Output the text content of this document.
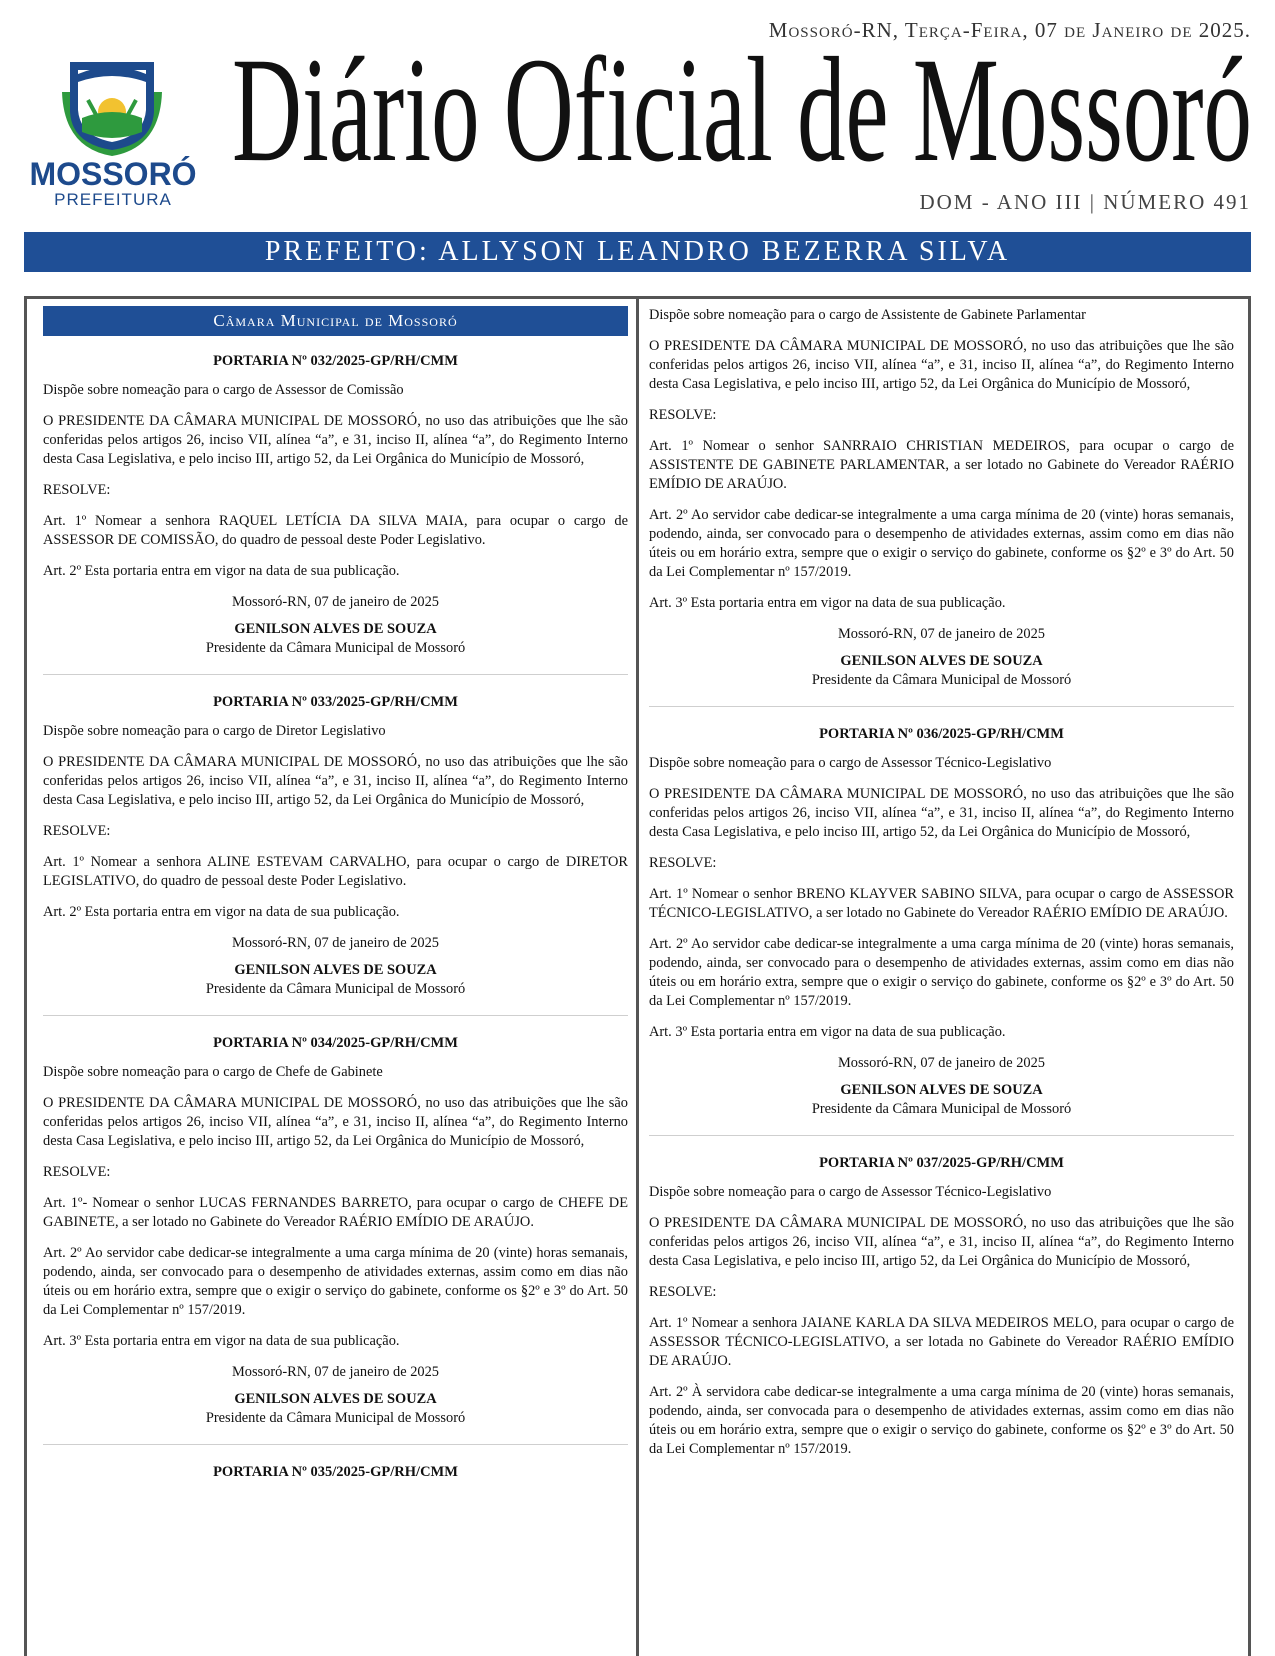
Mossoró-RN, Terça-Feira, 07 de Janeiro de 2025.
MOSSORÓ
PREFEITURA
Diário Oficial de Mossoró
DOM - ANO III | NÚMERO 491
PREFEITO: ALLYSON LEANDRO BEZERRA SILVA
Câmara Municipal de Mossoró

PORTARIA Nº 032/2025-GP/RH/CMM

Dispõe sobre nomeação para o cargo de Assessor de Comissão

O PRESIDENTE DA CÂMARA MUNICIPAL DE MOSSORÓ, no uso das atribuições que lhe são conferidas pelos artigos 26, inciso VII, alínea “a”, e 31, inciso II, alínea “a”, do Regimento Interno desta Casa Legislativa, e pelo inciso III, artigo 52, da Lei Orgânica do Município de Mossoró,

RESOLVE:

Art. 1º Nomear a senhora RAQUEL LETÍCIA DA SILVA MAIA, para ocupar o cargo de ASSESSOR DE COMISSÃO, do quadro de pessoal deste Poder Legislativo.

Art. 2º Esta portaria entra em vigor na data de sua publicação.

Mossoró-RN, 07 de janeiro de 2025

GENILSON ALVES DE SOUZA

Presidente da Câmara Municipal de Mossoró

PORTARIA Nº 033/2025-GP/RH/CMM

Dispõe sobre nomeação para o cargo de Diretor Legislativo

O PRESIDENTE DA CÂMARA MUNICIPAL DE MOSSORÓ, no uso das atribuições que lhe são conferidas pelos artigos 26, inciso VII, alínea “a”, e 31, inciso II, alínea “a”, do Regimento Interno desta Casa Legislativa, e pelo inciso III, artigo 52, da Lei Orgânica do Município de Mossoró,

RESOLVE:

Art. 1º Nomear a senhora ALINE ESTEVAM CARVALHO, para ocupar o cargo de DIRETOR LEGISLATIVO, do quadro de pessoal deste Poder Legislativo.

Art. 2º Esta portaria entra em vigor na data de sua publicação.

Mossoró-RN, 07 de janeiro de 2025

GENILSON ALVES DE SOUZA

Presidente da Câmara Municipal de Mossoró

PORTARIA Nº 034/2025-GP/RH/CMM

Dispõe sobre nomeação para o cargo de Chefe de Gabinete

O PRESIDENTE DA CÂMARA MUNICIPAL DE MOSSORÓ, no uso das atribuições que lhe são conferidas pelos artigos 26, inciso VII, alínea “a”, e 31, inciso II, alínea “a”, do Regimento Interno desta Casa Legislativa, e pelo inciso III, artigo 52, da Lei Orgânica do Município de Mossoró,

RESOLVE:

Art. 1º- Nomear o senhor LUCAS FERNANDES BARRETO, para ocupar o cargo de CHEFE DE GABINETE, a ser lotado no Gabinete do Vereador RAÉRIO EMÍDIO DE ARAÚJO.

Art. 2º Ao servidor cabe dedicar-se integralmente a uma carga mínima de 20 (vinte) horas semanais, podendo, ainda, ser convocado para o desempenho de atividades externas, assim como em dias não úteis ou em horário extra, sempre que o exigir o serviço do gabinete, conforme os §2º e 3º do Art. 50 da Lei Complementar nº 157/2019.

Art. 3º Esta portaria entra em vigor na data de sua publicação.

Mossoró-RN, 07 de janeiro de 2025

GENILSON ALVES DE SOUZA

Presidente da Câmara Municipal de Mossoró

PORTARIA Nº 035/2025-GP/RH/CMM

Dispõe sobre nomeação para o cargo de Assistente de Gabinete Parlamentar

O PRESIDENTE DA CÂMARA MUNICIPAL DE MOSSORÓ, no uso das atribuições que lhe são conferidas pelos artigos 26, inciso VII, alínea “a”, e 31, inciso II, alínea “a”, do Regimento Interno desta Casa Legislativa, e pelo inciso III, artigo 52, da Lei Orgânica do Município de Mossoró,

RESOLVE:

Art. 1º Nomear o senhor SANRRAIO CHRISTIAN MEDEIROS, para ocupar o cargo de ASSISTENTE DE GABINETE PARLAMENTAR, a ser lotado no Gabinete do Vereador RAÉRIO EMÍDIO DE ARAÚJO.

Art. 2º Ao servidor cabe dedicar-se integralmente a uma carga mínima de 20 (vinte) horas semanais, podendo, ainda, ser convocado para o desempenho de atividades externas, assim como em dias não úteis ou em horário extra, sempre que o exigir o serviço do gabinete, conforme os §2º e 3º do Art. 50 da Lei Complementar nº 157/2019.

Art. 3º Esta portaria entra em vigor na data de sua publicação.

Mossoró-RN, 07 de janeiro de 2025

GENILSON ALVES DE SOUZA

Presidente da Câmara Municipal de Mossoró

PORTARIA Nº 036/2025-GP/RH/CMM

Dispõe sobre nomeação para o cargo de Assessor Técnico-Legislativo

O PRESIDENTE DA CÂMARA MUNICIPAL DE MOSSORÓ, no uso das atribuições que lhe são conferidas pelos artigos 26, inciso VII, alínea “a”, e 31, inciso II, alínea “a”, do Regimento Interno desta Casa Legislativa, e pelo inciso III, artigo 52, da Lei Orgânica do Município de Mossoró,

RESOLVE:

Art. 1º Nomear o senhor BRENO KLAYVER SABINO SILVA, para ocupar o cargo de ASSESSOR TÉCNICO-LEGISLATIVO, a ser lotado no Gabinete do Vereador RAÉRIO EMÍDIO DE ARAÚJO.

Art. 2º Ao servidor cabe dedicar-se integralmente a uma carga mínima de 20 (vinte) horas semanais, podendo, ainda, ser convocado para o desempenho de atividades externas, assim como em dias não úteis ou em horário extra, sempre que o exigir o serviço do gabinete, conforme os §2º e 3º do Art. 50 da Lei Complementar nº 157/2019.

Art. 3º Esta portaria entra em vigor na data de sua publicação.

Mossoró-RN, 07 de janeiro de 2025

GENILSON ALVES DE SOUZA

Presidente da Câmara Municipal de Mossoró

PORTARIA Nº 037/2025-GP/RH/CMM

Dispõe sobre nomeação para o cargo de Assessor Técnico-Legislativo

O PRESIDENTE DA CÂMARA MUNICIPAL DE MOSSORÓ, no uso das atribuições que lhe são conferidas pelos artigos 26, inciso VII, alínea “a”, e 31, inciso II, alínea “a”, do Regimento Interno desta Casa Legislativa, e pelo inciso III, artigo 52, da Lei Orgânica do Município de Mossoró,

RESOLVE:

Art. 1º Nomear a senhora JAIANE KARLA DA SILVA MEDEIROS MELO, para ocupar o cargo de ASSESSOR TÉCNICO-LEGISLATIVO, a ser lotada no Gabinete do Vereador RAÉRIO EMÍDIO DE ARAÚJO.

Art. 2º À servidora cabe dedicar-se integralmente a uma carga mínima de 20 (vinte) horas semanais, podendo, ainda, ser convocada para o desempenho de atividades externas, assim como em dias não úteis ou em horário extra, sempre que o exigir o serviço do gabinete, conforme os §2º e 3º do Art. 50 da Lei Complementar nº 157/2019.
